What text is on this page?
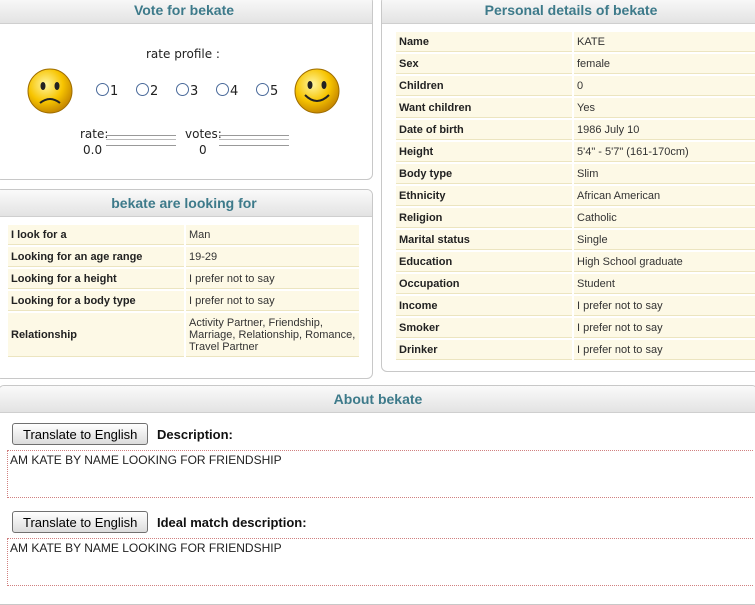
Vote for bekate
rate profile :
1	2	3	4	5
rate:
0.0
votes:
0
bekate are looking for
I look for a	Man
Looking for an age range	19-29
Looking for a height	I prefer not to say
Looking for a body type	I prefer not to say
Relationship	Activity Partner, Friendship, Marriage, Relationship, Romance, Travel Partner
Personal details of bekate
Name	KATE
Sex	female
Children	0
Want children	Yes
Date of birth	1986 July 10
Height	5'4" - 5'7" (161-170cm)
Body type	Slim
Ethnicity	African American
Religion	Catholic
Marital status	Single
Education	High School graduate
Occupation	Student
Income	I prefer not to say
Smoker	I prefer not to say
Drinker	I prefer not to say
About bekate
Translate to English	Description:
AM KATE BY NAME LOOKING FOR FRIENDSHIP
Translate to English	Ideal match description:
AM KATE BY NAME LOOKING FOR FRIENDSHIP
